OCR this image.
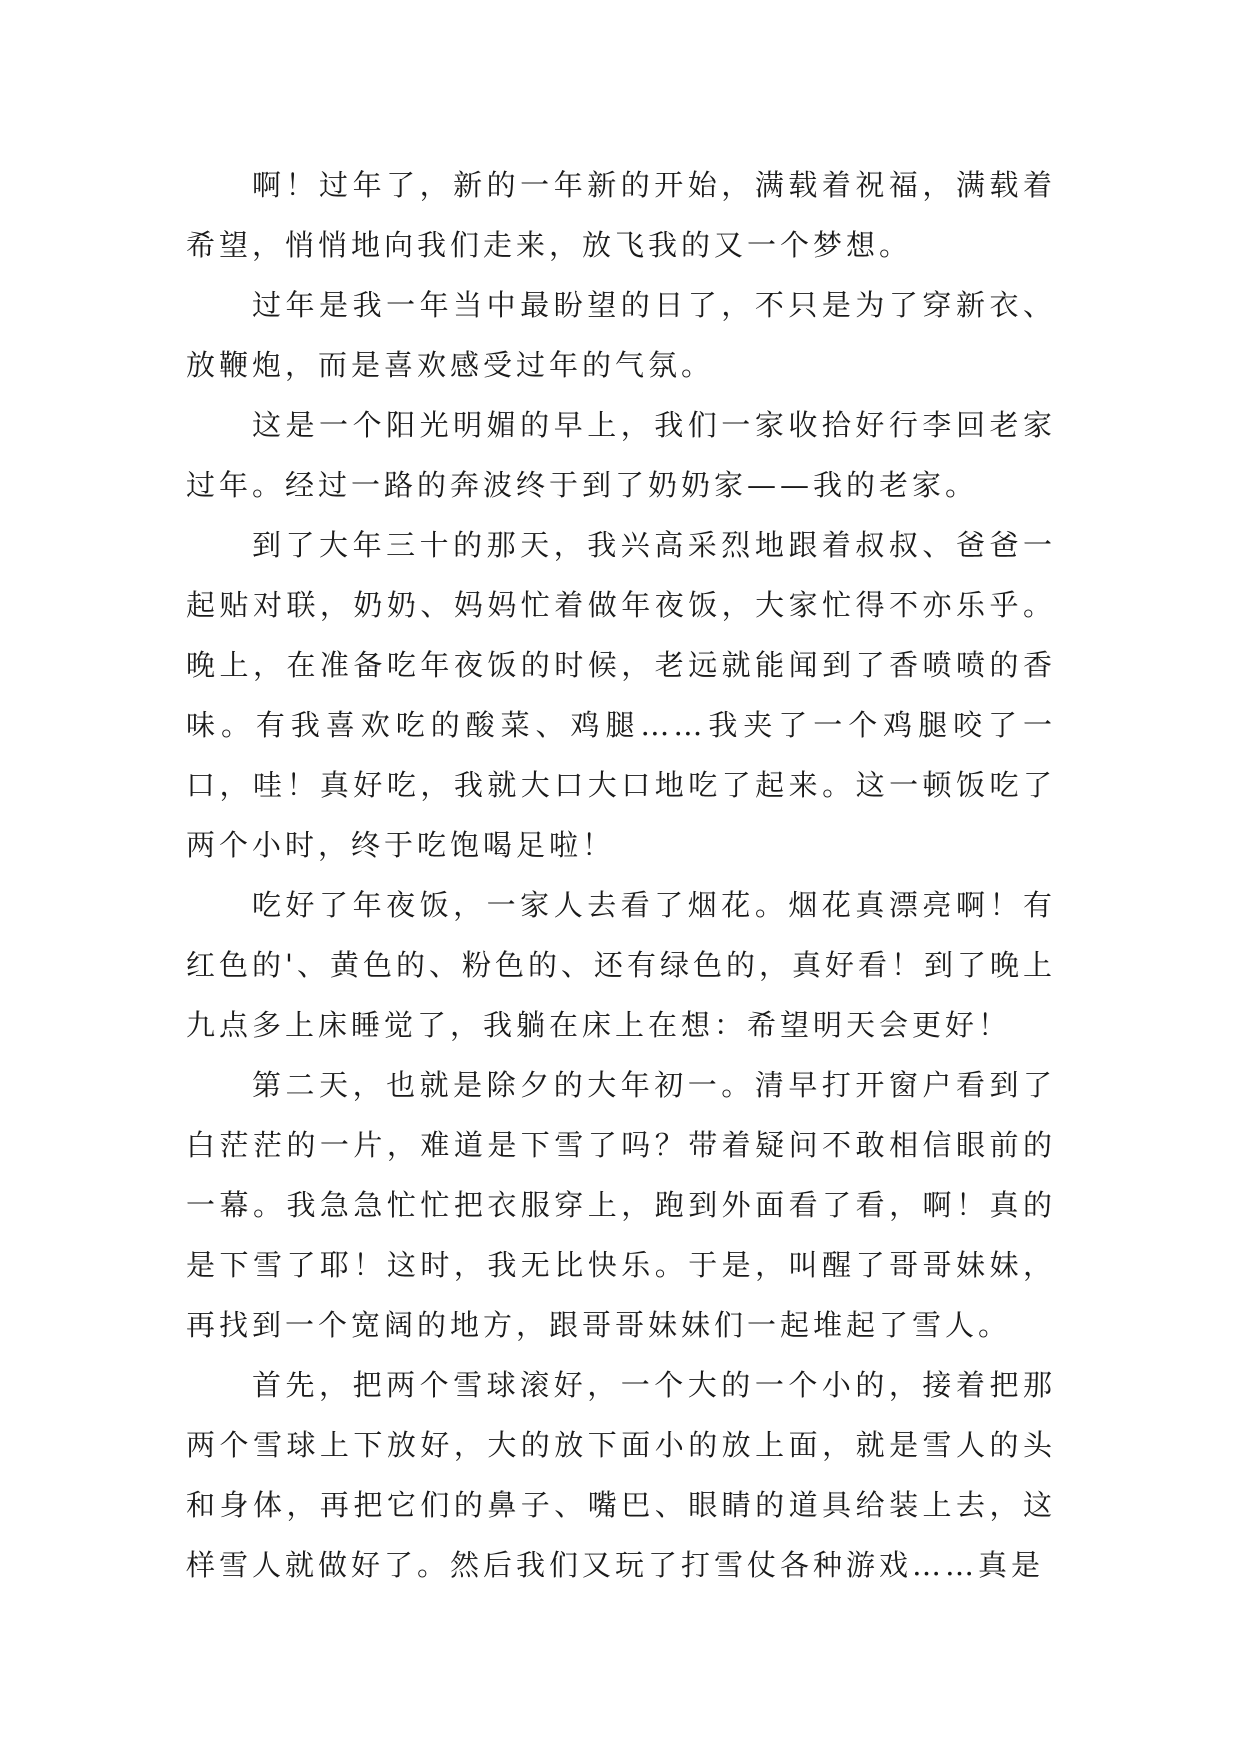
啊！过年了，新的一年新的开始，满载着祝福，满载着希望，悄悄地向我们走来，放飞我的又一个梦想。

过年是我一年当中最盼望的日了，不只是为了穿新衣、放鞭炮，而是喜欢感受过年的气氛。

这是一个阳光明媚的早上，我们一家收拾好行李回老家过年。经过一路的奔波终于到了奶奶家——我的老家。

到了大年三十的那天，我兴高采烈地跟着叔叔、爸爸一起贴对联，奶奶、妈妈忙着做年夜饭，大家忙得不亦乐乎。晚上，在准备吃年夜饭的时候，老远就能闻到了香喷喷的香味。有我喜欢吃的酸菜、鸡腿……我夹了一个鸡腿咬了一口，哇！真好吃，我就大口大口地吃了起来。这一顿饭吃了两个小时，终于吃饱喝足啦！

吃好了年夜饭，一家人去看了烟花。烟花真漂亮啊！有红色的'、黄色的、粉色的、还有绿色的，真好看！到了晚上九点多上床睡觉了，我躺在床上在想：希望明天会更好！

第二天，也就是除夕的大年初一。清早打开窗户看到了白茫茫的一片，难道是下雪了吗？带着疑问不敢相信眼前的一幕。我急急忙忙把衣服穿上，跑到外面看了看，啊！真的是下雪了耶！这时，我无比快乐。于是，叫醒了哥哥妹妹，再找到一个宽阔的地方，跟哥哥妹妹们一起堆起了雪人。

首先，把两个雪球滚好，一个大的一个小的，接着把那两个雪球上下放好，大的放下面小的放上面，就是雪人的头和身体，再把它们的鼻子、嘴巴、眼睛的道具给装上去，这样雪人就做好了。然后我们又玩了打雪仗各种游戏……真是
